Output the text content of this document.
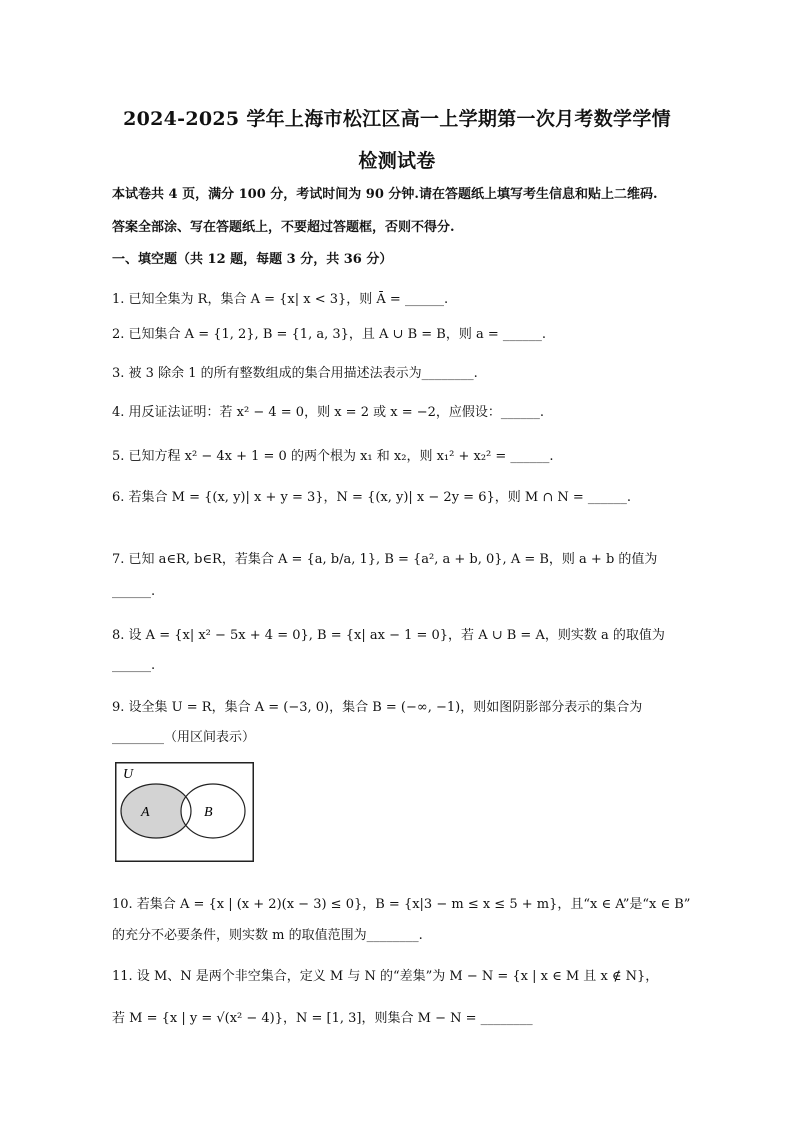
2024-2025 学年上海市松江区高一上学期第一次月考数学学情
检测试卷
本试卷共 4 页，满分 100 分，考试时间为 90 分钟.请在答题纸上填写考生信息和贴上二维码.
答案全部涂、写在答题纸上，不要超过答题框，否则不得分.
一、填空题（共 12 题，每题 3 分，共 36 分）
1. 已知全集为 R，集合 A = {x| x < 3}，则 Ā = ______.
2. 已知集合 A = {1, 2}, B = {1, a, 3}，且 A ∪ B = B，则 a = ______.
3. 被 3 除余 1 的所有整数组成的集合用描述法表示为________.
4. 用反证法证明：若 x² − 4 = 0，则 x = 2 或 x = −2，应假设：______.
5. 已知方程 x² − 4x + 1 = 0 的两个根为 x₁ 和 x₂，则 x₁² + x₂² = ______.
6. 若集合 M = {(x, y)| x + y = 3}，N = {(x, y)| x − 2y = 6}，则 M ∩ N = ______.
7. 已知 a∈R, b∈R，若集合 A = {a, b/a, 1}, B = {a², a + b, 0}, A = B，则 a + b 的值为
______.
8. 设 A = {x| x² − 5x + 4 = 0}, B = {x| ax − 1 = 0}，若 A ∪ B = A，则实数 a 的取值为
______.
9. 设全集 U = R，集合 A = (−3, 0)，集合 B = (−∞, −1)，则如图阴影部分表示的集合为
________（用区间表示）
U
A	B
10. 若集合 A = {x | (x + 2)(x − 3) ≤ 0}，B = {x|3 − m ≤ x ≤ 5 + m}，且“x ∈ A”是“x ∈ B”
的充分不必要条件，则实数 m 的取值范围为________.
11. 设 M、N 是两个非空集合，定义 M 与 N 的“差集”为 M − N = {x | x ∈ M 且 x ∉ N}，
若 M = {x | y = √(x² − 4)}，N = [1, 3]，则集合 M − N = ________
